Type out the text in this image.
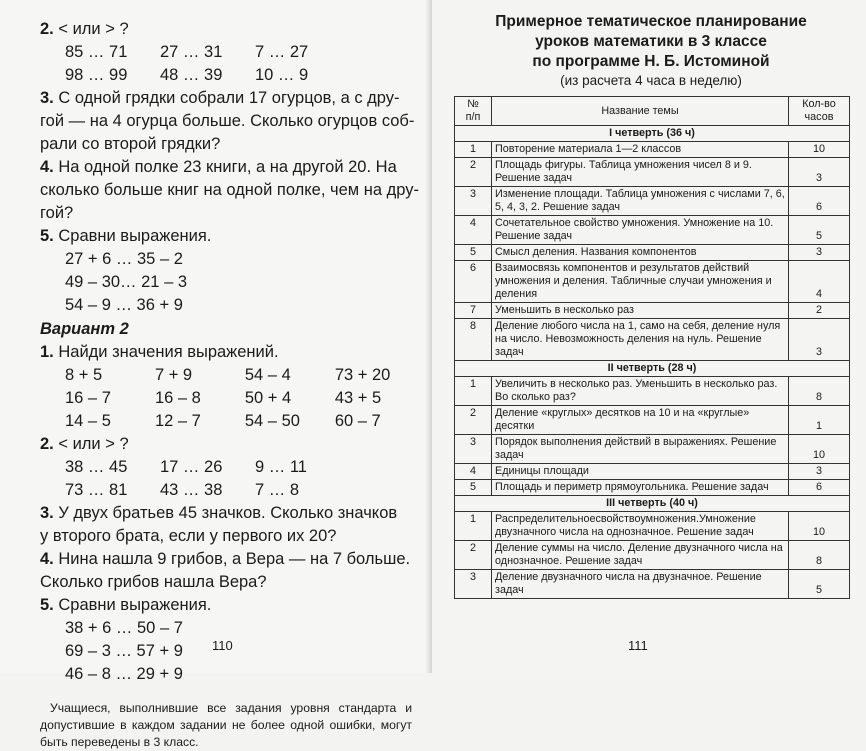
2. < или > ?
85 … 71	27 … 31	7 … 27
98 … 99	48 … 39	10 … 9
3. С одной грядки собрали 17 огурцов, а с дру-
гой — на 4 огурца больше. Сколько огурцов соб-
рали со второй грядки?
4. На одной полке 23 книги, а на другой 20. На
сколько больше книг на одной полке, чем на дру-
гой?
5. Сравни выражения.
27 + 6 … 35 – 2
49 – 30… 21 – 3
54 – 9 … 36 + 9
Вариант 2
1. Найди значения выражений.
8 + 5	7 + 9	54 – 4	73 + 20
16 – 7	16 – 8	50 + 4	43 + 5
14 – 5	12 – 7	54 – 50	60 – 7
2. < или > ?
38 … 45	17 … 26	9 … 11
73 … 81	43 … 38	7 … 8
3. У двух братьев 45 значков. Сколько значков
у второго брата, если у первого их 20?
4. Нина нашла 9 грибов, а Вера — на 7 больше.
Сколько грибов нашла Вера?
5. Сравни выражения.
38 + 6 … 50 – 7
69 – 3 … 57 + 9
46 – 8 … 29 + 9
Учащиеся, выполнившие все задания уровня стандарта и допустившие в каждом задании не более одной ошибки, могут быть переведены в 3 класс.
110
Примерное тематическое планирование
уроков математики в 3 классе
по программе Н. Б. Истоминой
(из расчета 4 часа в неделю)
№
п/п	Название темы	Кол-во
часов
I четверть (36 ч)		
1	Повторение материала 1—2 классов	10
2	Площадь фигуры. Таблица умножения чисел 8 и 9. Решение задач	3
3	Изменение площади. Таблица умножения с числами 7, 6, 5, 4, 3, 2. Решение задач	6
4	Сочетательное свойство умножения. Умножение на 10. Решение задач	5
5	Смысл деления. Названия компонентов	3
6	Взаимосвязь компонентов и результатов действий умножения и деления. Табличные случаи умножения и деления	4
7	Уменьшить в несколько раз	2
8	Деление любого числа на 1, само на себя, деление нуля на число. Невозможность деления на нуль. Решение задач	3
II четверть (28 ч)		
1	Увеличить в несколько раз. Уменьшить в несколько раз. Во сколько раз?	8
2	Деление «круглых» десятков на 10 и на «круглые» десятки	1
3	Порядок выполнения действий в выражениях. Решение задач	10
4	Единицы площади	3
5	Площадь и периметр прямоугольника. Решение задач	6
III четверть (40 ч)		
1	Распределительноесвойствоумножения.Умножение двузначного числа на однозначное. Решение задач	10
2	Деление суммы на число. Деление двузначного числа на однозначное. Решение задач	8
3	Деление двузначного числа на двузначное. Решение задач	5
111
